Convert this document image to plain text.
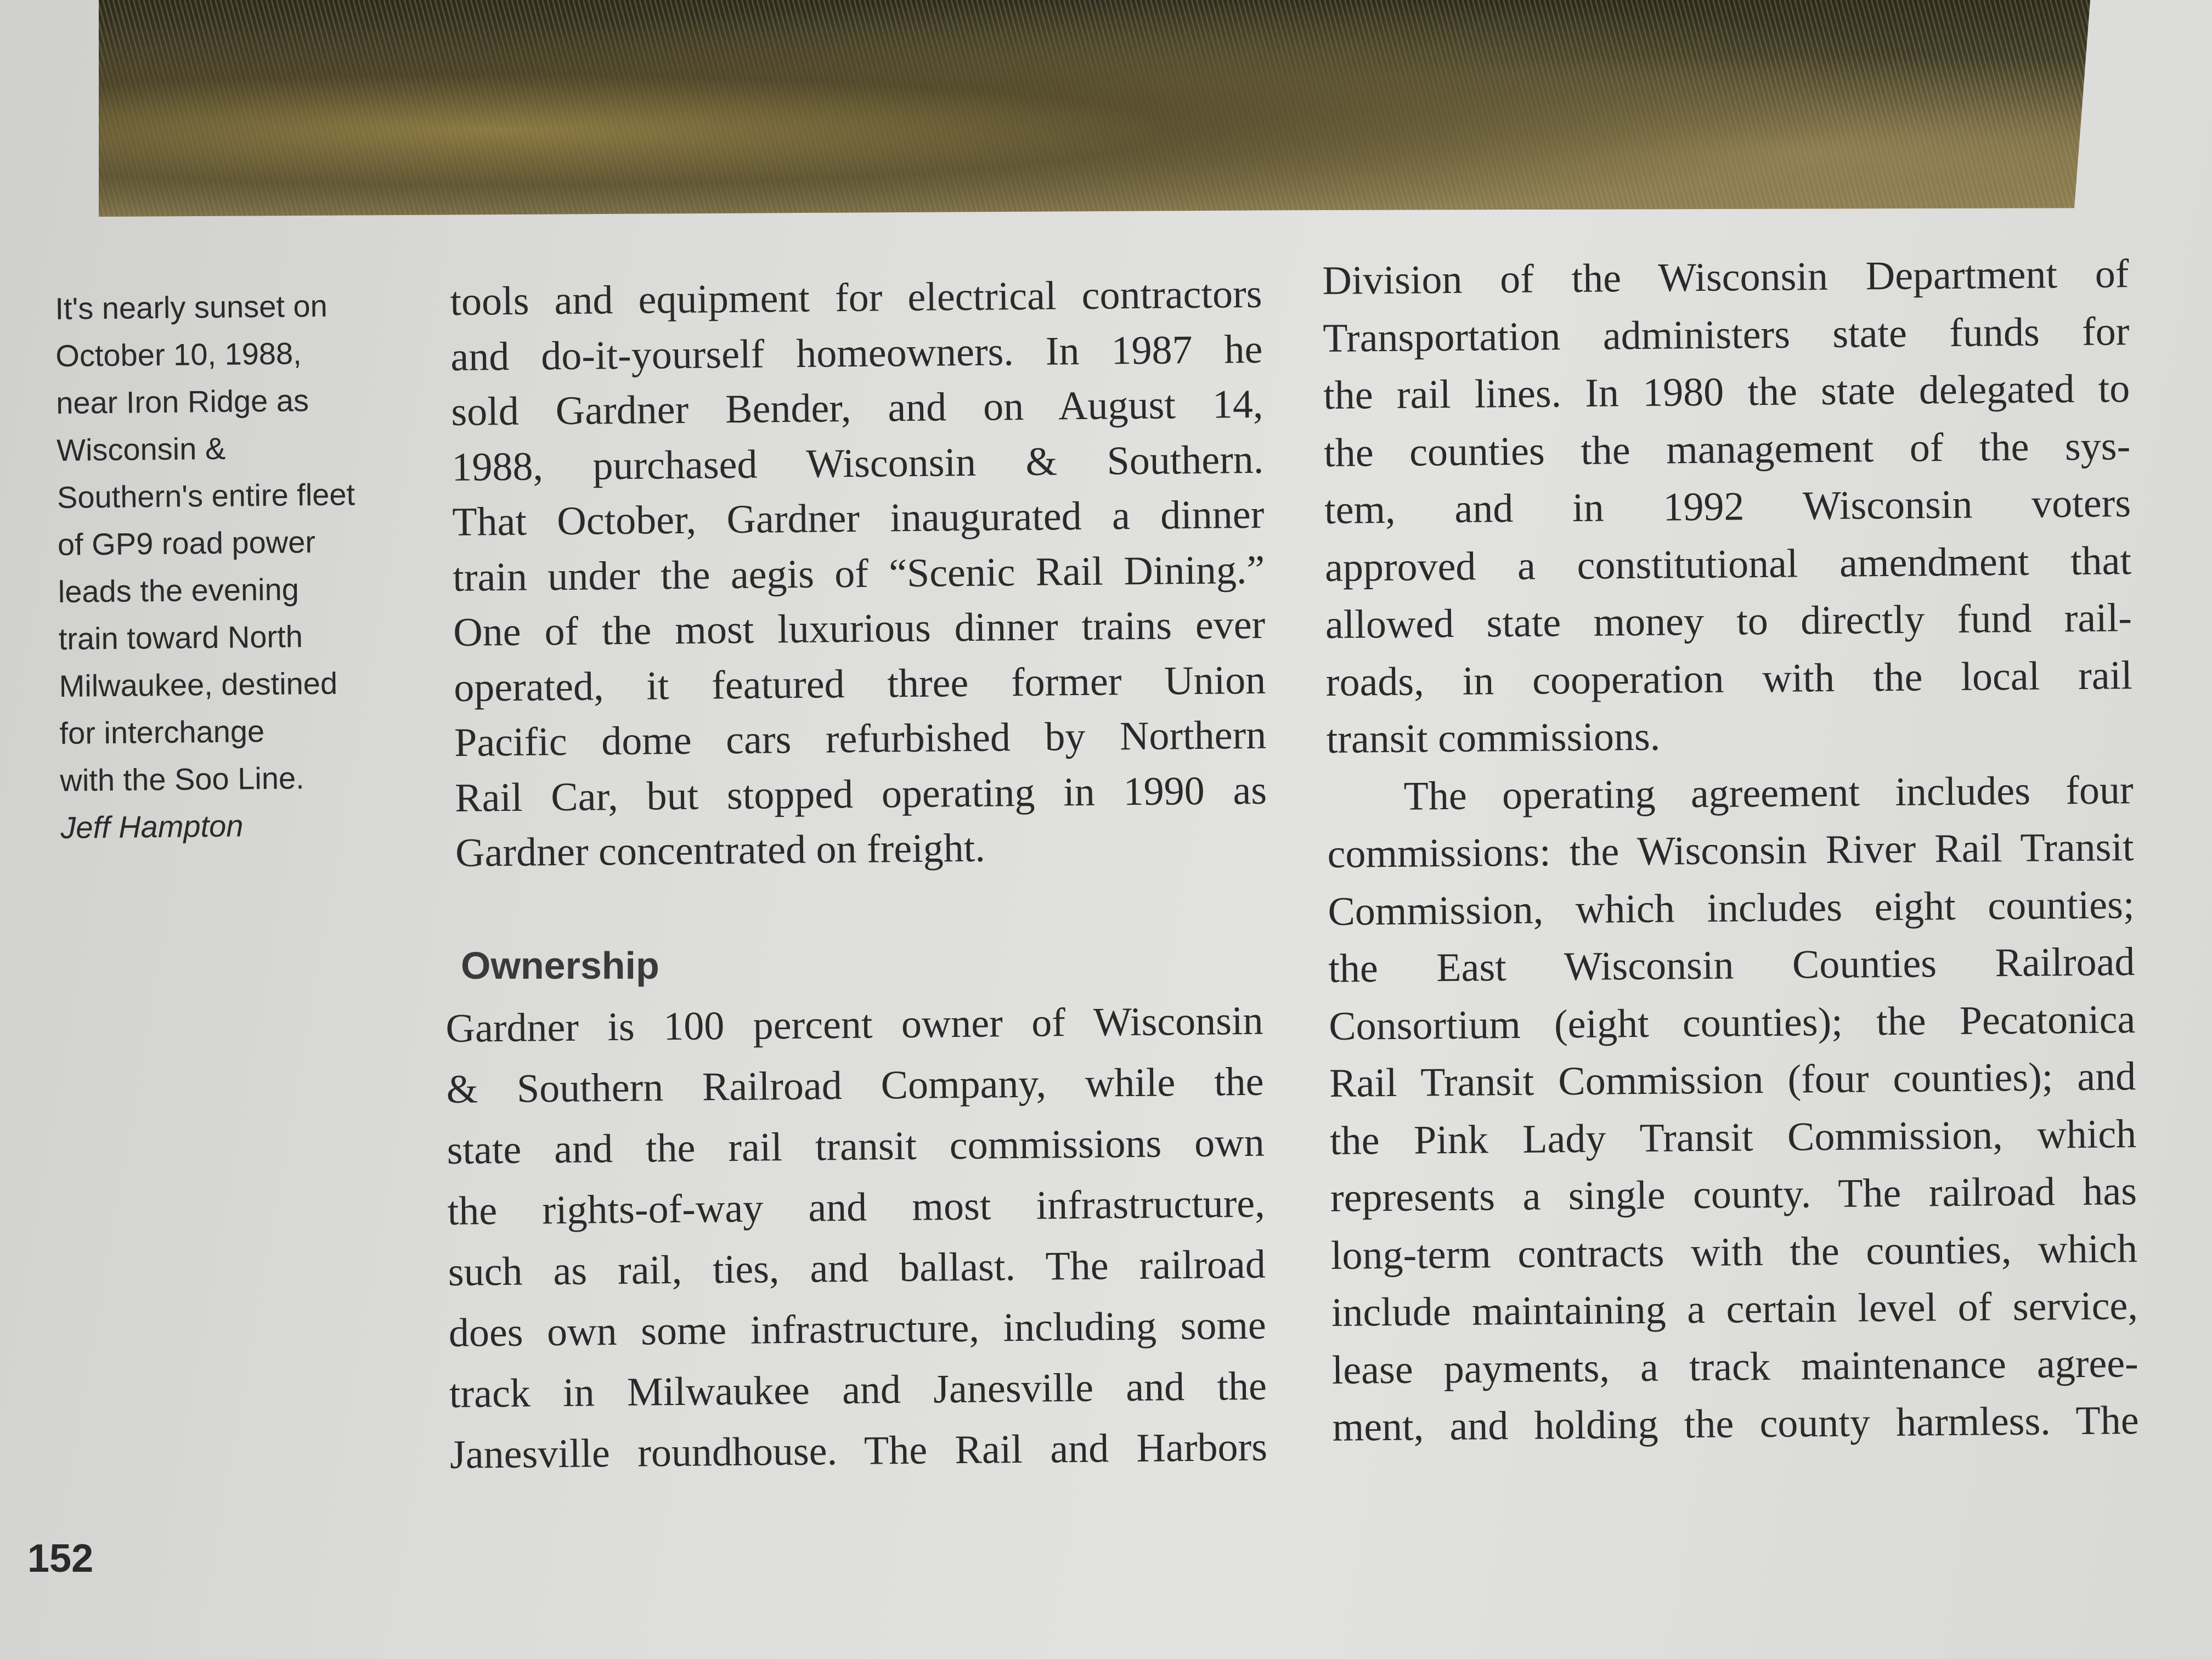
It's nearly sunset on
October 10, 1988,
near Iron Ridge as
Wisconsin &
Southern's entire fleet
of GP9 road power
leads the evening
train toward North
Milwaukee, destined
for interchange
with the Soo Line.
Jeff Hampton
tools and equipment for electrical contractors
and do-it-yourself homeowners. In 1987 he
sold Gardner Bender, and on August 14,
1988, purchased Wisconsin & Southern.
That October, Gardner inaugurated a dinner
train under the aegis of “Scenic Rail Dining.”
One of the most luxurious dinner trains ever
operated, it featured three former Union
Pacific dome cars refurbished by Northern
Rail Car, but stopped operating in 1990 as
Gardner concentrated on freight.
Ownership
Gardner is 100 percent owner of Wisconsin
& Southern Railroad Company, while the
state and the rail transit commissions own
the rights-of-way and most infrastructure,
such as rail, ties, and ballast. The railroad
does own some infrastructure, including some
track in Milwaukee and Janesville and the
Janesville roundhouse. The Rail and Harbors
Division of the Wisconsin Department of
Transportation administers state funds for
the rail lines. In 1980 the state delegated to
the counties the management of the sys-
tem, and in 1992 Wisconsin voters
approved a constitutional amendment that
allowed state money to directly fund rail-
roads, in cooperation with the local rail
transit commissions.
The operating agreement includes four
commissions: the Wisconsin River Rail Transit
Commission, which includes eight counties;
the East Wisconsin Counties Railroad
Consortium (eight counties); the Pecatonica
Rail Transit Commission (four counties); and
the Pink Lady Transit Commission, which
represents a single county. The railroad has
long-term contracts with the counties, which
include maintaining a certain level of service,
lease payments, a track maintenance agree-
ment, and holding the county harmless. The
152
